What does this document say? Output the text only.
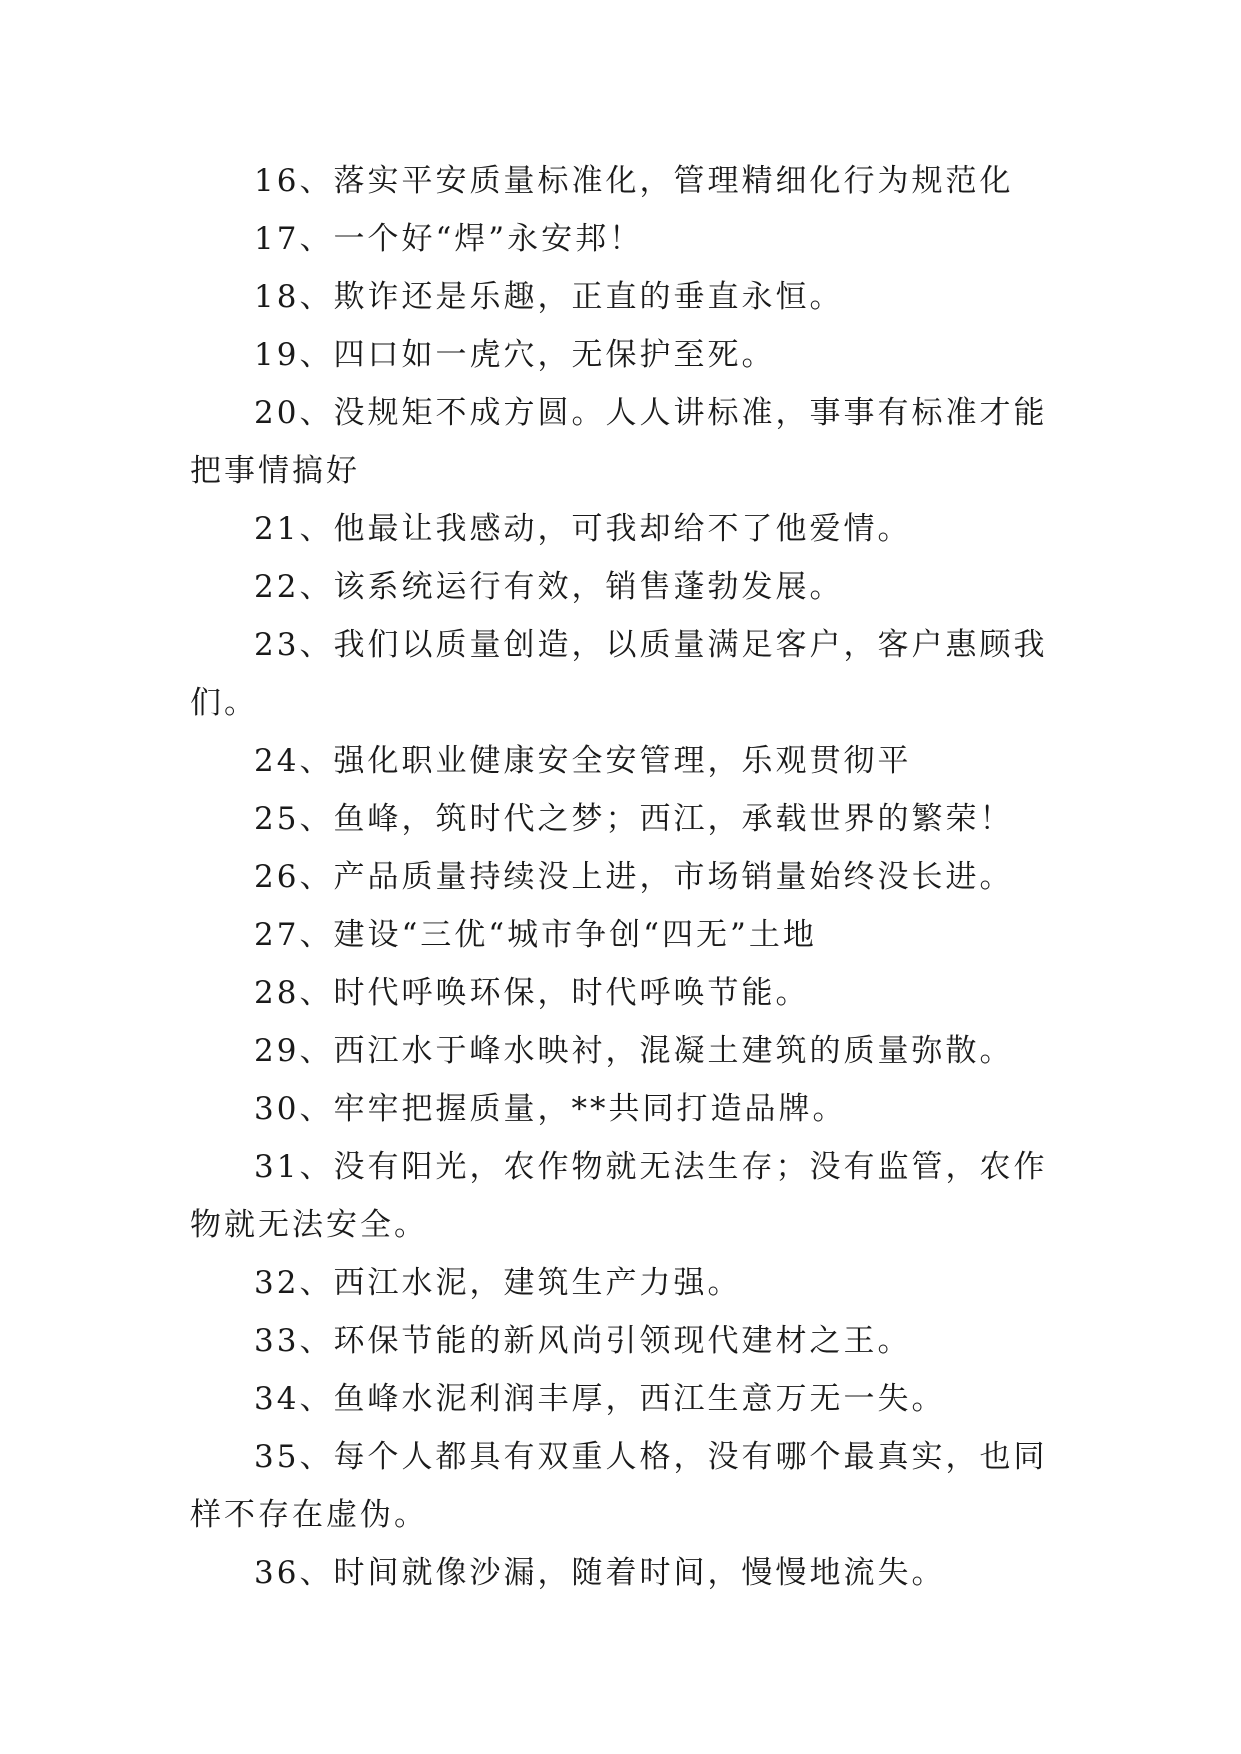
16、落实平安质量标准化，管理精细化行为规范化

17、一个好“焊”永安邦！

18、欺诈还是乐趣，正直的垂直永恒。

19、四口如一虎穴，无保护至死。

20、没规矩不成方圆。人人讲标准，事事有标准才能把事情搞好

21、他最让我感动，可我却给不了他爱情。

22、该系统运行有效，销售蓬勃发展。

23、我们以质量创造，以质量满足客户，客户惠顾我们。

24、强化职业健康安全安管理，乐观贯彻平

25、鱼峰，筑时代之梦；西江，承载世界的繁荣！

26、产品质量持续没上进，市场销量始终没长进。

27、建设“三优“城市争创“四无”土地

28、时代呼唤环保，时代呼唤节能。

29、西江水于峰水映衬，混凝土建筑的质量弥散。

30、牢牢把握质量，**共同打造品牌。

31、没有阳光，农作物就无法生存；没有监管，农作物就无法安全。

32、西江水泥，建筑生产力强。

33、环保节能的新风尚引领现代建材之王。

34、鱼峰水泥利润丰厚，西江生意万无一失。

35、每个人都具有双重人格，没有哪个最真实，也同样不存在虚伪。

36、时间就像沙漏，随着时间，慢慢地流失。
